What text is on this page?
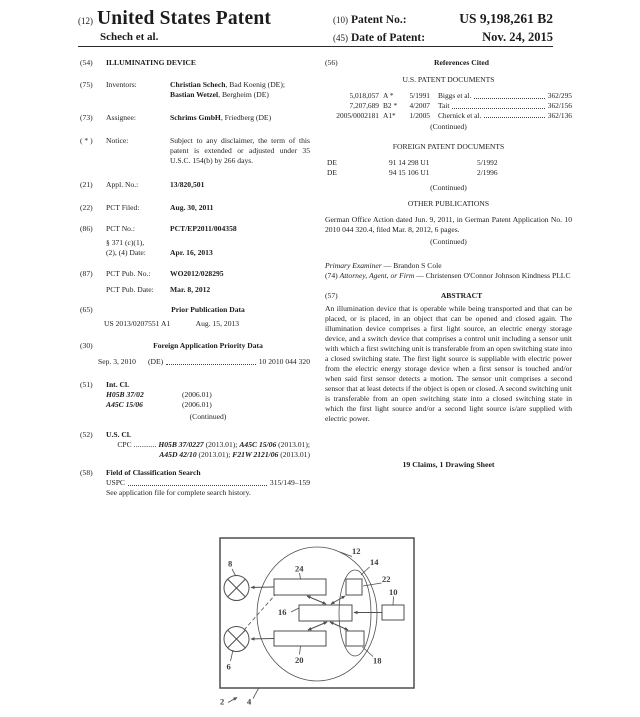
(12) United States Patent
Schech et al.
(10) Patent No.:	US 9,198,261 B2
(45) Date of Patent:	Nov. 24, 2015
(54)	ILLUMINATING DEVICE
(75)	Inventors:	Christian Schech, Bad Koenig (DE);
Bastian Wetzel, Bergheim (DE)
(73)	Assignee:	Schrims GmbH, Friedberg (DE)
( * )	Notice:	Subject to any disclaimer, the term of this patent is extended or adjusted under 35 U.S.C. 154(b) by 266 days.
(21)	Appl. No.:	13/820,501
(22)	PCT Filed:	Aug. 30, 2011
(86)	PCT No.:	PCT/EP2011/004358
§ 371 (c)(1),
(2), (4) Date:	Apr. 16, 2013
(87)	PCT Pub. No.:	WO2012/028295
PCT Pub. Date:	Mar. 8, 2012
(65)	Prior Publication Data
US 2013/0207551 A1	Aug. 15, 2013
(30)	Foreign Application Priority Data
Sep. 3, 2010 (DE)	10 2010 044 320
(51)	Int. Cl.
H05B 37/02	(2006.01)
A45C 15/06	(2006.01)
(Continued)
(52)	U.S. Cl.
CPC ............ H05B 37/0227 (2013.01); A45C 15/06 (2013.01); A45D 42/10 (2013.01); F21W 2121/06 (2013.01)
(58)	Field of Classification Search
USPC	315/149–159
See application file for complete search history.
(56)	References Cited
U.S. PATENT DOCUMENTS
5,018,057 A *	5/1991 Biggs et al.	362/295
7,207,689 B2 *	4/2007 Tait	362/156
2005/0002181 A1*	1/2005 Chernick et al.	362/136
(Continued)
FOREIGN PATENT DOCUMENTS
DE	91 14 298 U1	5/1992
DE	94 15 106 U1	2/1996
(Continued)
OTHER PUBLICATIONS
German Office Action dated Jun. 9, 2011, in German Patent Application No. 10 2010 044 320.4, filed Mar. 8, 2012, 6 pages.
(Continued)
Primary Examiner — Brandon S Cole
(74) Attorney, Agent, or Firm — Christensen O'Connor Johnson Kindness PLLC
(57)	ABSTRACT
An illumination device that is operable while being transported and that can be placed, or is placed, in an object that can be opened and closed again. The illumination device comprises a first light source, an electric energy storage device, and a switch device that comprises a control unit including a sensor unit with which a first switching unit is transferable from an open switching state into a closed switching state. The first light source is suppliable with electric power from the electric energy storage device when a first sensor is touched and/or when said first sensor detects a motion. The sensor unit comprises a second sensor that at least detects if the object is open or closed. A second switching unit is transferable from an open switching state into a closed switching state in which the first light source and/or a second light source is/are supplied with electric power.
19 Claims, 1 Drawing Sheet
8
6
24
12
14
22
10
16
20	18
2 4
